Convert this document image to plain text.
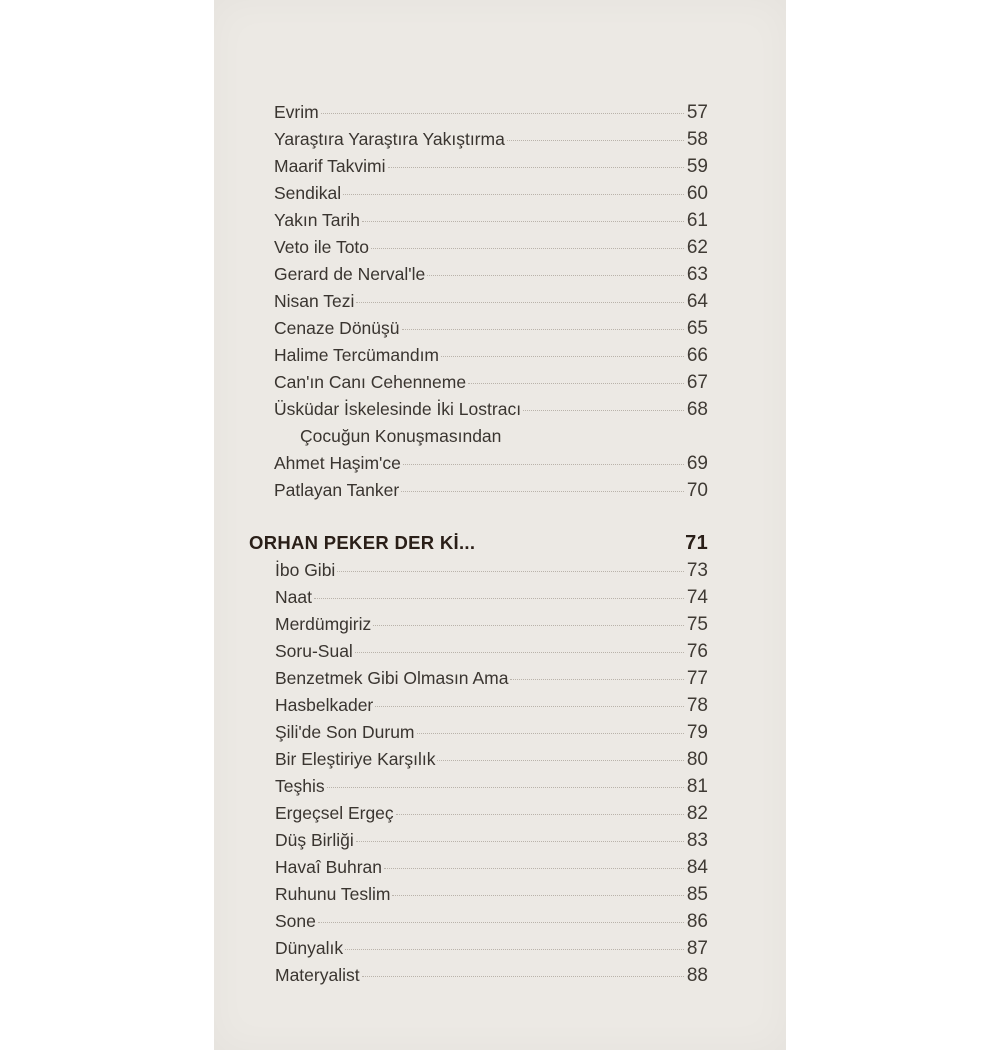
Evrim	57
Yaraştıra Yaraştıra Yakıştırma	58
Maarif Takvimi	59
Sendikal	60
Yakın Tarih	61
Veto ile Toto	62
Gerard de Nerval'le	63
Nisan Tezi	64
Cenaze Dönüşü	65
Halime Tercümandım	66
Can'ın Canı Cehenneme	67
Üsküdar İskelesinde İki Lostracı	68
Çocuğun Konuşmasından
Ahmet Haşim'ce	69
Patlayan Tanker	70
ORHAN PEKER DER Kİ...	71
İbo Gibi	73
Naat	74
Merdümgiriz	75
Soru-Sual	76
Benzetmek Gibi Olmasın Ama	77
Hasbelkader	78
Şili'de Son Durum	79
Bir Eleştiriye Karşılık	80
Teşhis	81
Ergeçsel Ergeç	82
Düş Birliği	83
Havaî Buhran	84
Ruhunu Teslim	85
Sone	86
Dünyalık	87
Materyalist	88
